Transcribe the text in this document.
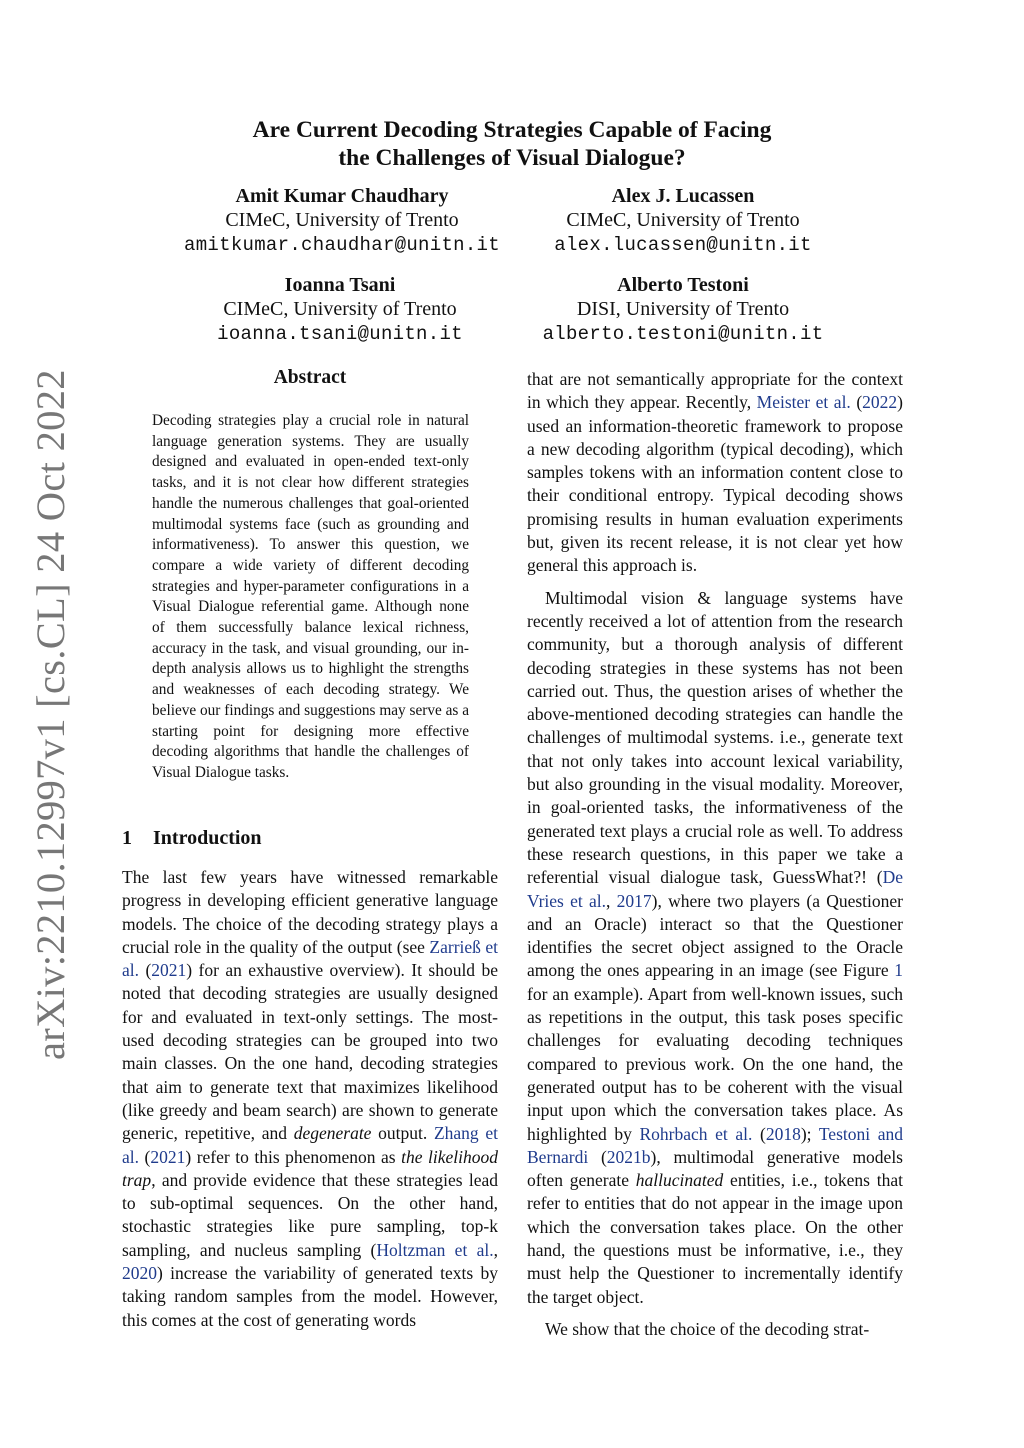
arXiv:2210.12997v1 [cs.CL] 24 Oct 2022
Are Current Decoding Strategies Capable of Facing
the Challenges of Visual Dialogue?
Amit Kumar Chaudhary
CIMeC, University of Trento
amitkumar.chaudhar@unitn.it
Alex J. Lucassen
CIMeC, University of Trento
alex.lucassen@unitn.it
Ioanna Tsani
CIMeC, University of Trento
ioanna.tsani@unitn.it
Alberto Testoni
DISI, University of Trento
alberto.testoni@unitn.it
Abstract
Decoding strategies play a crucial role in natural language generation systems. They are usually designed and evaluated in open-ended text-only tasks, and it is not clear how different strategies handle the numerous challenges that goal-oriented multimodal systems face (such as grounding and informativeness). To answer this question, we compare a wide variety of different decoding strategies and hyper-parameter configurations in a Visual Dialogue referential game. Although none of them successfully balance lexical richness, accuracy in the task, and visual grounding, our in-depth analysis allows us to highlight the strengths and weaknesses of each decoding strategy. We believe our findings and suggestions may serve as a starting point for designing more effective decoding algorithms that handle the challenges of Visual Dialogue tasks.
1 Introduction

The last few years have witnessed remarkable progress in developing efficient generative language models. The choice of the decoding strategy plays a crucial role in the quality of the output (see Zarrieß et al. (2021) for an exhaustive overview). It should be noted that decoding strategies are usually designed for and evaluated in text-only settings. The most-used decoding strategies can be grouped into two main classes. On the one hand, decoding strategies that aim to generate text that maximizes likelihood (like greedy and beam search) are shown to generate generic, repetitive, and degenerate output. Zhang et al. (2021) refer to this phenomenon as the likelihood trap, and provide evidence that these strategies lead to sub-optimal sequences. On the other hand, stochastic strategies like pure sampling, top-k sampling, and nucleus sampling (Holtzman et al., 2020) increase the variability of generated texts by taking random samples from the model. However, this comes at the cost of generating words

that are not semantically appropriate for the context in which they appear. Recently, Meister et al. (2022) used an information-theoretic framework to propose a new decoding algorithm (typical decoding), which samples tokens with an information content close to their conditional entropy. Typical decoding shows promising results in human evaluation experiments but, given its recent release, it is not clear yet how general this approach is.

Multimodal vision & language systems have recently received a lot of attention from the research community, but a thorough analysis of different decoding strategies in these systems has not been carried out. Thus, the question arises of whether the above-mentioned decoding strategies can handle the challenges of multimodal systems. i.e., generate text that not only takes into account lexical variability, but also grounding in the visual modality. Moreover, in goal-oriented tasks, the informativeness of the generated text plays a crucial role as well. To address these research questions, in this paper we take a referential visual dialogue task, GuessWhat?! (De Vries et al., 2017), where two players (a Questioner and an Oracle) interact so that the Questioner identifies the secret object assigned to the Oracle among the ones appearing in an image (see Figure 1 for an example). Apart from well-known issues, such as repetitions in the output, this task poses specific challenges for evaluating decoding techniques compared to previous work. On the one hand, the generated output has to be coherent with the visual input upon which the conversation takes place. As highlighted by Rohrbach et al. (2018); Testoni and Bernardi (2021b), multimodal generative models often generate hallucinated entities, i.e., tokens that refer to entities that do not appear in the image upon which the conversation takes place. On the other hand, the questions must be informative, i.e., they must help the Questioner to incrementally identify the target object.

We show that the choice of the decoding strat-
